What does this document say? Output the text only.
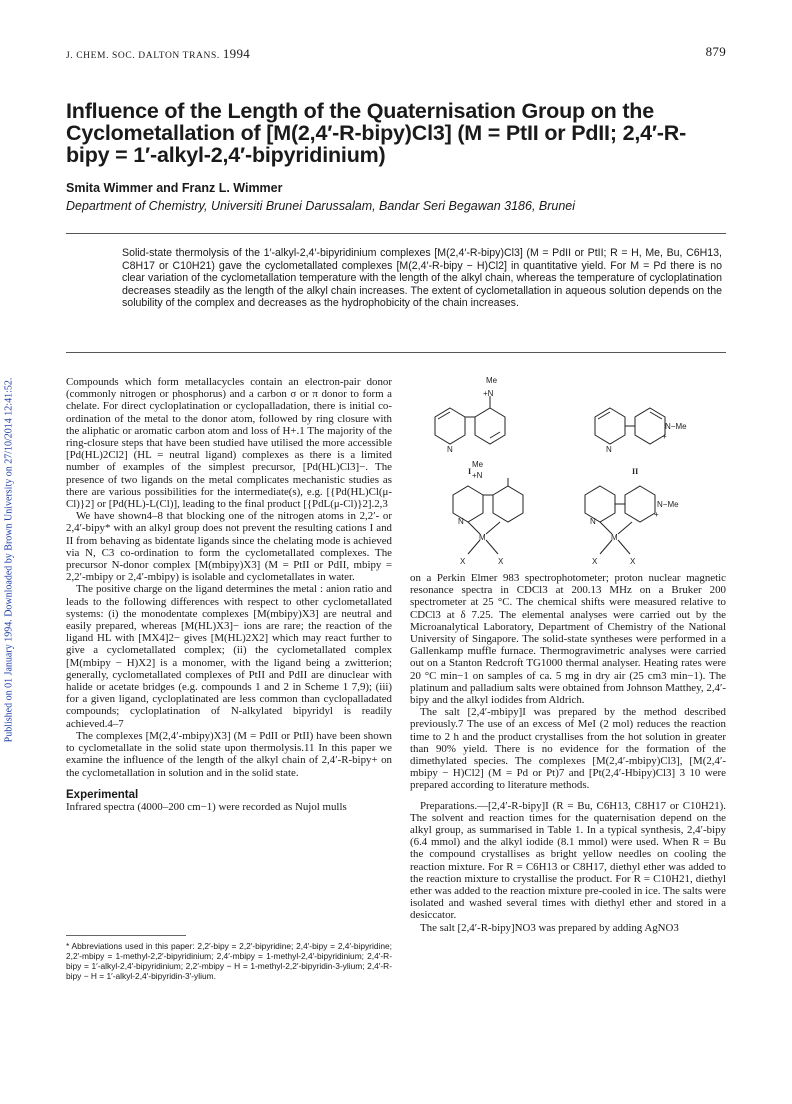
J. CHEM. SOC. DALTON TRANS. 1994	879
Influence of the Length of the Quaternisation Group on the Cyclometallation of [M(2,4′-R-bipy)Cl3] (M = PtII or PdII; 2,4′-R-bipy = 1′-alkyl-2,4′-bipyridinium)
Smita Wimmer and Franz L. Wimmer
Department of Chemistry, Universiti Brunei Darussalam, Bandar Seri Begawan 3186, Brunei
Solid-state thermolysis of the 1′-alkyl-2,4′-bipyridinium complexes [M(2,4′-R-bipy)Cl3] (M = PdII or PtII; R = H, Me, Bu, C6H13, C8H17 or C10H21) gave the cyclometallated complexes [M(2,4′-R-bipy − H)Cl2] in quantitative yield. For M = Pd there is no clear variation of the cyclometallation temperature with the length of the alkyl chain, whereas the temperature of cycloplatination decreases steadily as the length of the alkyl chain increases. The extent of cyclometallation in aqueous solution depends on the solubility of the complex and decreases as the hydrophobicity of the chain increases.
Published on 01 January 1994. Downloaded by Brown University on 27/10/2014 12:41:52.	Compounds which form metallacycles contain an electron-pair donor (commonly nitrogen or phosphorus) and a carbon σ or π donor to form a chelate. For direct cycloplatination or cyclopalladation, there is initial co-ordination of the metal to the donor atom, followed by ring closure with the aliphatic or aromatic carbon atom and loss of H+.1 The majority of the ring-closure steps that have been studied have utilised the more accessible [Pd(HL)2Cl2] (HL = neutral ligand) complexes as there is a limited number of examples of the simplest precursor, [Pd(HL)Cl3]−. The presence of two ligands on the metal complicates mechanistic studies as there are various possibilities for the intermediate(s), e.g. [{Pd(HL)Cl(μ-Cl)}2] or [Pd(HL)-L(Cl)], leading to the final product [{PdL(μ-Cl)}2].2,3

We have shown4–8 that blocking one of the nitrogen atoms in 2,2′- or 2,4′-bipy* with an alkyl group does not prevent the resulting cations I and II from behaving as bidentate ligands since the chelating mode is achieved via N, C3 co-ordination to form the cyclometallated complexes. The precursor N-donor complex [M(mbipy)X3] (M = PtII or PdII, mbipy = 2,2′-mbipy or 2,4′-mbipy) is isolable and cyclometallates in water.

The positive charge on the ligand determines the metal : anion ratio and leads to the following differences with respect to other cyclometallated systems: (i) the monodentate complexes [M(mbipy)X3] are neutral and easily prepared, whereas [M(HL)X3]− ions are rare; the reaction of the ligand HL with [MX4]2− gives [M(HL)2X2] which may react further to give a cyclometallated complex; (ii) the cyclometallated complex [M(mbipy − H)X2] is a monomer, with the ligand being a zwitterion; generally, cyclometallated complexes of PtII and PdII are dinuclear with halide or acetate bridges (e.g. compounds 1 and 2 in Scheme 1 7,9); (iii) for a given ligand, cycloplatinated are less common than cyclopalladated compounds; cycloplatination of N-alkylated bipyridyl is readily achieved.4–7

The complexes [M(2,4′-mbipy)X3] (M = PdII or PtII) have been shown to cyclometallate in the solid state upon thermolysis.11 In this paper we examine the influence of the length of the alkyl chain of 2,4′-R-bipy+ on the cyclometallation in solution and in the solid state.

Experimental

Infrared spectra (4000–200 cm−1) were recorded as Nujol mulls

* Abbreviations used in this paper: 2,2′-bipy = 2,2′-bipyridine; 2,4′-bipy = 2,4′-bipyridine; 2,2′-mbipy = 1-methyl-2,2′-bipyridinium; 2,4′-mbipy = 1-methyl-2,4′-bipyridinium; 2,4′-R-bipy = 1′-alkyl-2,4′-bipyridinium; 2,2′-mbipy − H = 1-methyl-2,2′-bipyridin-3-ylium; 2,4′-R-bipy − H = 1′-alkyl-2,4′-bipyridin-3′-ylium.
Me
+N
N
I
N−Me
+
N
II
Me
+N
N
M
X	X
N−Me
+
N
M
X	X

on a Perkin Elmer 983 spectrophotometer; proton nuclear magnetic resonance spectra in CDCl3 at 200.13 MHz on a Bruker 200 spectrometer at 25 °C. The chemical shifts were measured relative to CDCl3 at δ 7.25. The elemental analyses were carried out by the Microanalytical Laboratory, Department of Chemistry of the National University of Singapore. The solid-state syntheses were performed in a Gallenkamp muffle furnace. Thermogravimetric analyses were carried out on a Stanton Redcroft TG1000 thermal analyser. Heating rates were 20 °C min−1 on samples of ca. 5 mg in dry air (25 cm3 min−1). The platinum and palladium salts were obtained from Johnson Matthey, 2,4′-bipy and the alkyl iodides from Aldrich.

The salt [2,4′-mbipy]I was prepared by the method described previously.7 The use of an excess of MeI (2 mol) reduces the reaction time to 2 h and the product crystallises from the hot solution in greater than 90% yield. There is no evidence for the formation of the dimethylated species. The complexes [M(2,4′-mbipy)Cl3], [M(2,4′-mbipy − H)Cl2] (M = Pd or Pt)7 and [Pt(2,4′-Hbipy)Cl3] 3 10 were prepared according to literature methods.

Preparations.—[2,4′-R-bipy]I (R = Bu, C6H13, C8H17 or C10H21). The solvent and reaction times for the quaternisation depend on the alkyl group, as summarised in Table 1. In a typical synthesis, 2,4′-bipy (6.4 mmol) and the alkyl iodide (8.1 mmol) were used. When R = Bu the compound crystallises as bright yellow needles on cooling the reaction mixture. For R = C6H13 or C8H17, diethyl ether was added to the reaction mixture to crystallise the product. For R = C10H21, diethyl ether was added to the reaction mixture pre-cooled in ice. The salts were isolated and washed several times with diethyl ether and stored in a desiccator.

The salt [2,4′-R-bipy]NO3 was prepared by adding AgNO3
